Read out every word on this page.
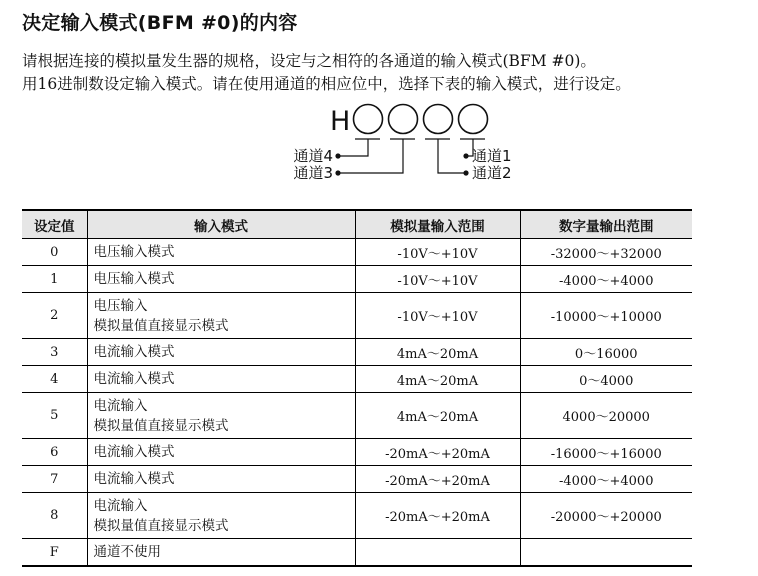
决定输入模式(BFM #0)的内容
请根据连接的模拟量发生器的规格，设定与之相符的各通道的输入模式(BFM #0)。
用16进制数设定输入模式。请在使用通道的相应位中，选择下表的输入模式，进行设定。
H
通道4
通道3
通道1
通道2
设定值	输入模式	模拟量输入范围	数字量输出范围
0	电压输入模式	-10V～+10V	-32000～+32000
1	电压输入模式	-10V～+10V	-4000～+4000
2	电压输入
模拟量值直接显示模式	-10V～+10V	-10000～+10000
3	电流输入模式	4mA～20mA	0～16000
4	电流输入模式	4mA～20mA	0～4000
5	电流输入
模拟量值直接显示模式	4mA～20mA	4000～20000
6	电流输入模式	-20mA～+20mA	-16000～+16000
7	电流输入模式	-20mA～+20mA	-4000～+4000
8	电流输入
模拟量值直接显示模式	-20mA～+20mA	-20000～+20000
F	通道不使用		
